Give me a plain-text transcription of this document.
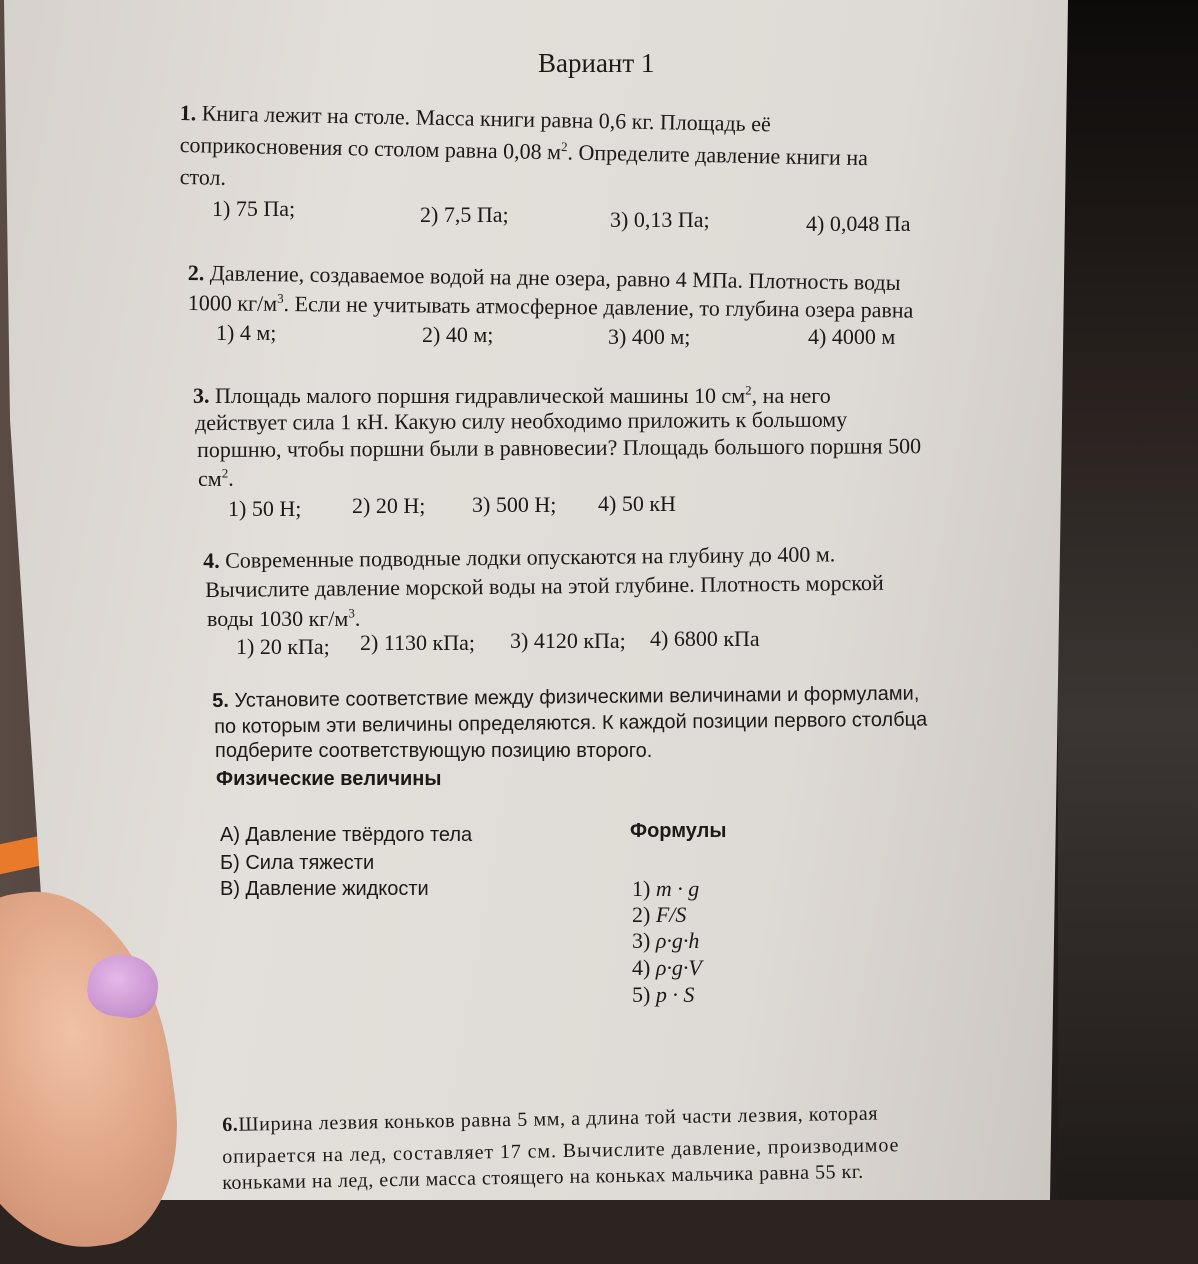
Вариант 1
1. Книга лежит на столе. Масса книги равна 0,6 кг. Площадь её
соприкосновения со столом равна 0,08 $м^2$. Определите давление книги на
стол.
1) 75 Па;	2) 7,5 Па;	3) 0,13 Па;	4) 0,048 Па
2. Давление, создаваемое водой на дне озера, равно 4 МПа. Плотность воды
1000 $кг/м^3$. Если не учитывать атмосферное давление, то глубина озера равна
1) 4 м;	2) 40 м;	3) 400 м;	4) 4000 м
3. Площадь малого поршня гидравлической машины 10 $см^2$, на него
действует сила 1 кН. Какую силу необходимо приложить к большому
поршню, чтобы поршни были в равновесии? Площадь большого поршня 500
$см^2$.
1) 50 Н; 2) 20 Н; 3) 500 Н; 4) 50 кН
4. Современные подводные лодки опускаются на глубину до 400 м.
Вычислите давление морской воды на этой глубине. Плотность морской
воды 1030 $кг/м^3$.
1) 20 кПа; 2) 1130 кПа; 3) 4120 кПа; 4) 6800 кПа
5. Установите соответствие между физическими величинами и формулами,
по которым эти величины определяются. К каждой позиции первого столбца
подберите соответствующую позицию второго.
Физические величины
А) Давление твёрдого тела
Б) Сила тяжести
В) Давление жидкости
Формулы
1) m · g
2) F/S
3) ρ·g·h
4) ρ·g·V
5) p · S
6.Ширина лезвия коньков равна 5 мм, а длина той части лезвия, которая
опирается на лед, составляет 17 см. Вычислите давление, производимое
коньками на лед, если масса стоящего на коньках мальчика равна 55 кг.
